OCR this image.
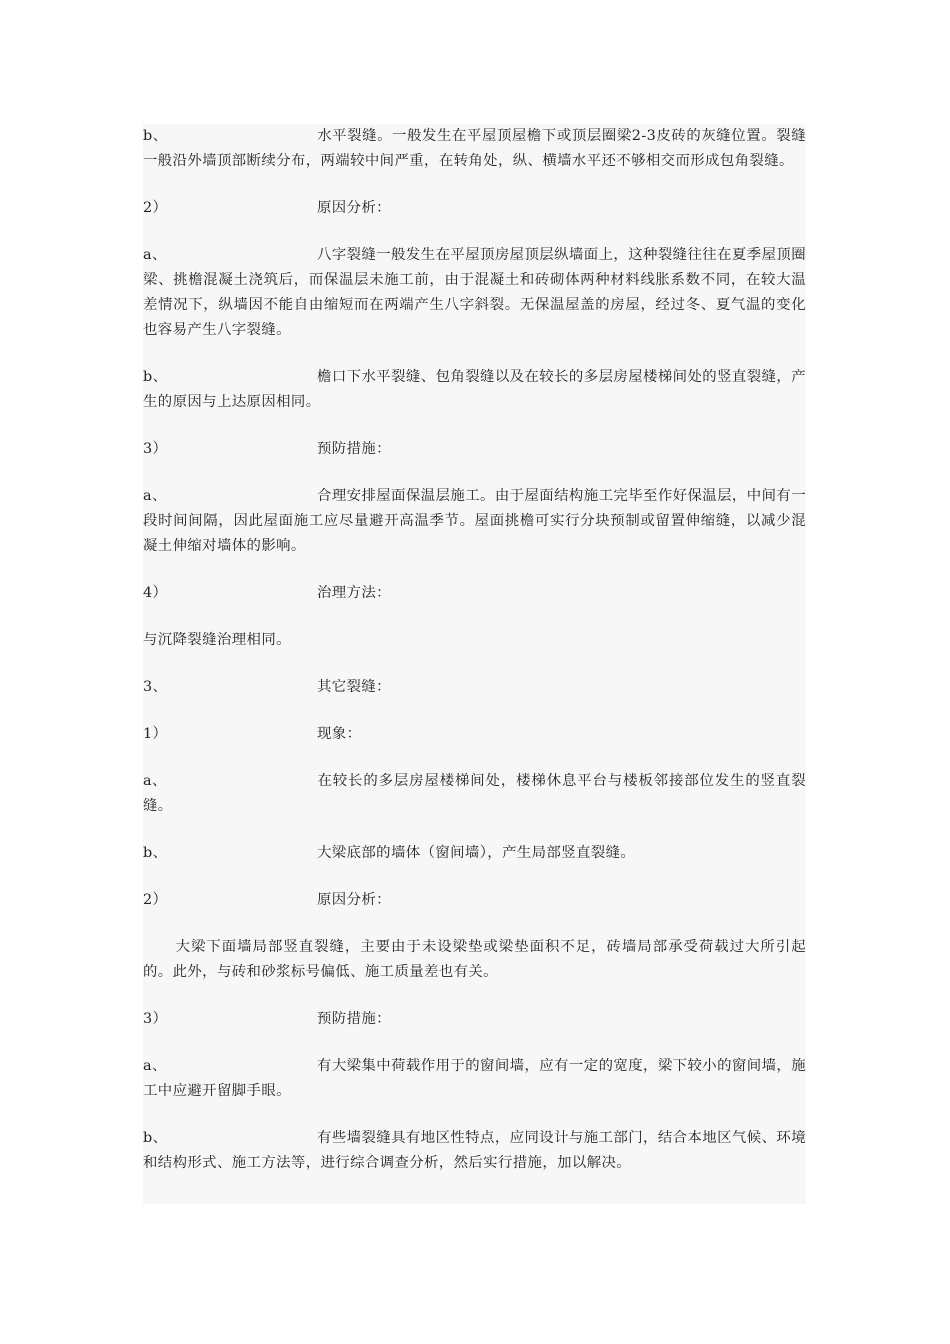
b、	水平裂缝。一般发生在平屋顶屋檐下或顶层圈梁2-3皮砖的灰缝位置。裂缝一般沿外墙顶部断续分布，两端较中间严重，在转角处，纵、横墙水平还不够相交而形成包角裂缝。

2）	原因分析：

a、	八字裂缝一般发生在平屋顶房屋顶层纵墙面上，这种裂缝往往在夏季屋顶圈梁、挑檐混凝土浇筑后，而保温层未施工前，由于混凝土和砖砌体两种材料线胀系数不同，在较大温差情况下，纵墙因不能自由缩短而在两端产生八字斜裂。无保温屋盖的房屋，经过冬、夏气温的变化也容易产生八字裂缝。

b、	檐口下水平裂缝、包角裂缝以及在较长的多层房屋楼梯间处的竖直裂缝，产生的原因与上达原因相同。

3）	预防措施：

a、	合理安排屋面保温层施工。由于屋面结构施工完毕至作好保温层，中间有一段时间间隔，因此屋面施工应尽量避开高温季节。屋面挑檐可实行分块预制或留置伸缩缝，以减少混凝土伸缩对墙体的影响。

4）	治理方法：

与沉降裂缝治理相同。

3、	其它裂缝：

1）	现象：

a、	在较长的多层房屋楼梯间处，楼梯休息平台与楼板邻接部位发生的竖直裂缝。

b、	大梁底部的墙体（窗间墙），产生局部竖直裂缝。

2）	原因分析：

大梁下面墙局部竖直裂缝，主要由于未设梁垫或梁垫面积不足，砖墙局部承受荷载过大所引起的。此外，与砖和砂浆标号偏低、施工质量差也有关。

3）	预防措施：

a、	有大梁集中荷载作用于的窗间墙，应有一定的宽度，梁下较小的窗间墙，施工中应避开留脚手眼。

b、	有些墙裂缝具有地区性特点，应同设计与施工部门，结合本地区气候、环境和结构形式、施工方法等，进行综合调查分析，然后实行措施，加以解决。
